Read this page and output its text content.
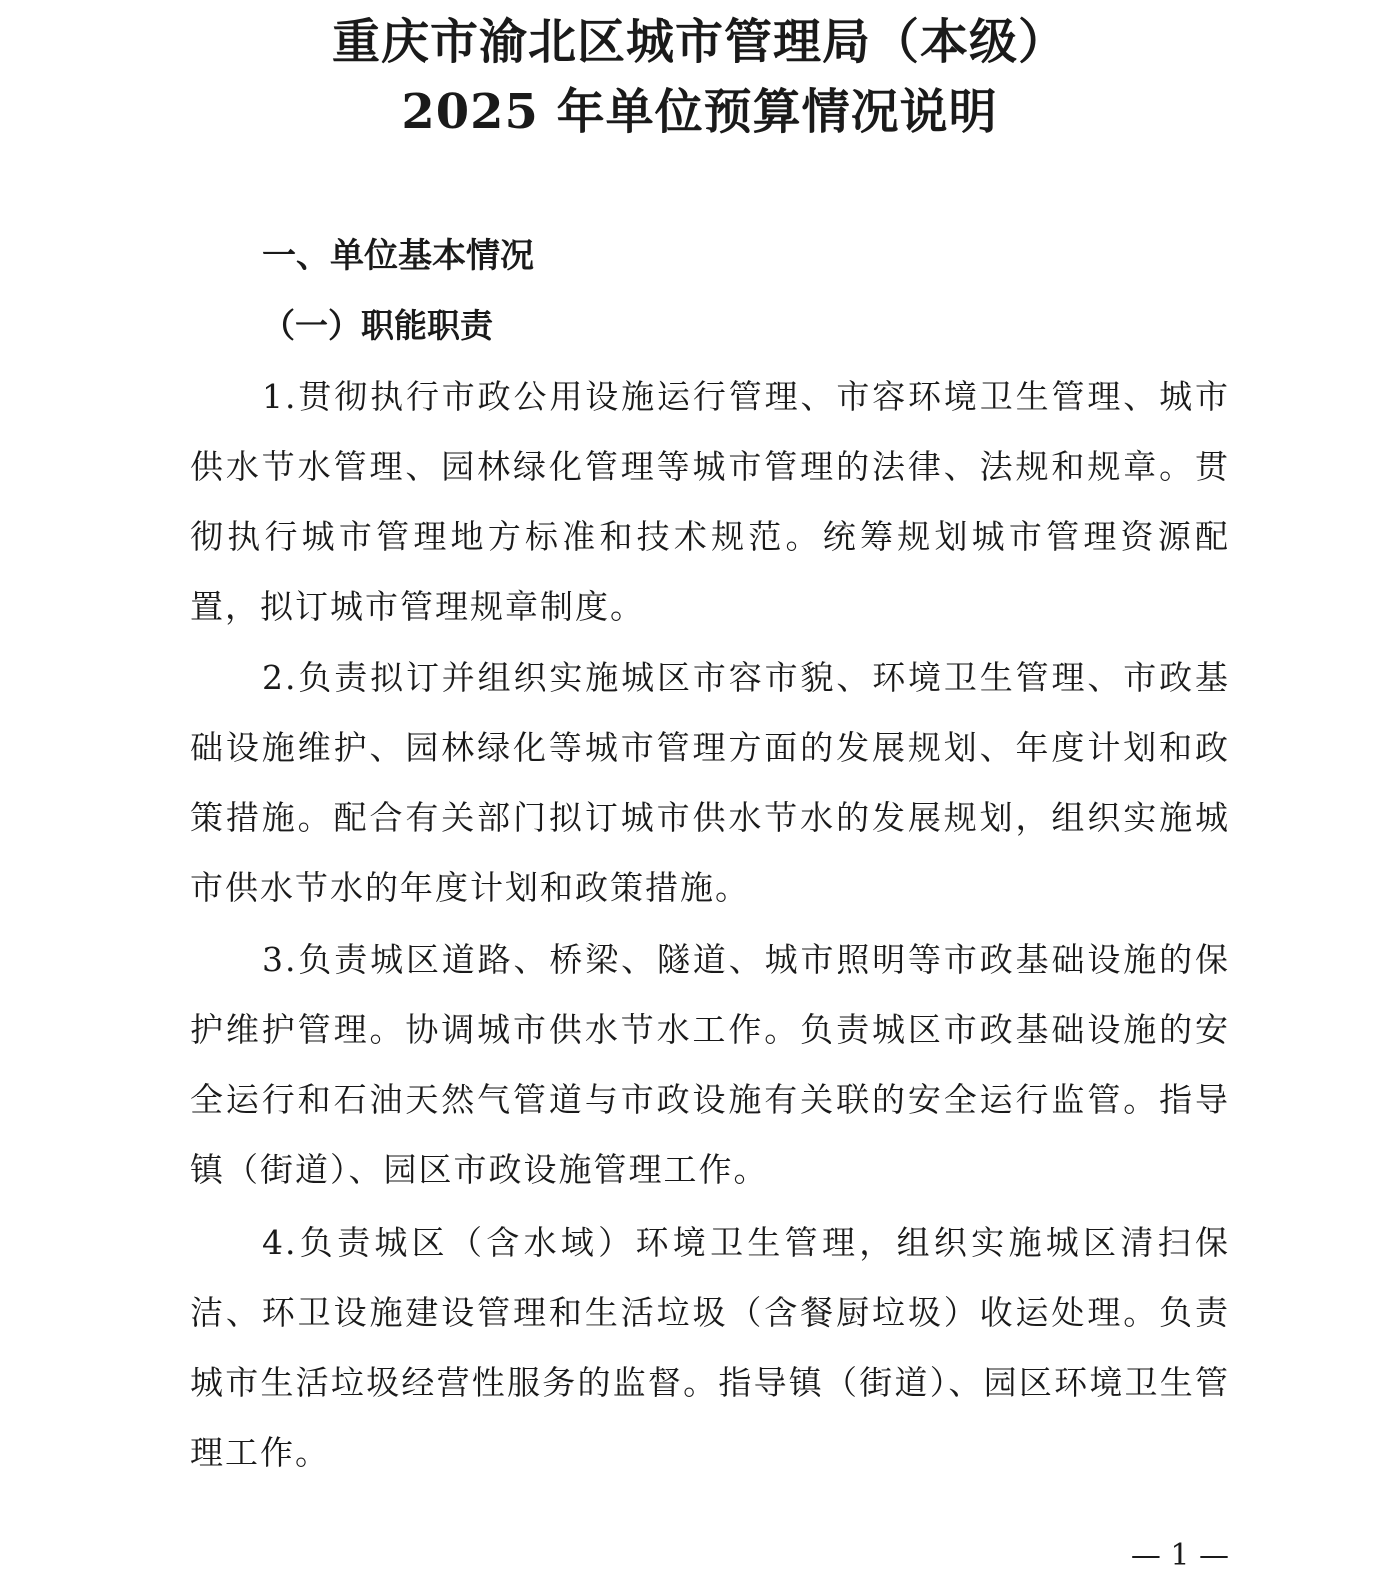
重庆市渝北区城市管理局（本级）
2025 年单位预算情况说明
一、单位基本情况
（一）职能职责

1.贯彻执行市政公用设施运行管理、市容环境卫生管理、城市供水节水管理、园林绿化管理等城市管理的法律、法规和规章。贯彻执行城市管理地方标准和技术规范。统筹规划城市管理资源配置，拟订城市管理规章制度。

2.负责拟订并组织实施城区市容市貌、环境卫生管理、市政基础设施维护、园林绿化等城市管理方面的发展规划、年度计划和政策措施。配合有关部门拟订城市供水节水的发展规划，组织实施城市供水节水的年度计划和政策措施。

3.负责城区道路、桥梁、隧道、城市照明等市政基础设施的保护维护管理。协调城市供水节水工作。负责城区市政基础设施的安全运行和石油天然气管道与市政设施有关联的安全运行监管。指导镇（街道）、园区市政设施管理工作。

4.负责城区（含水域）环境卫生管理，组织实施城区清扫保洁、环卫设施建设管理和生活垃圾（含餐厨垃圾）收运处理。负责城市生活垃圾经营性服务的监督。指导镇（街道）、园区环境卫生管理工作。

— 1 —
